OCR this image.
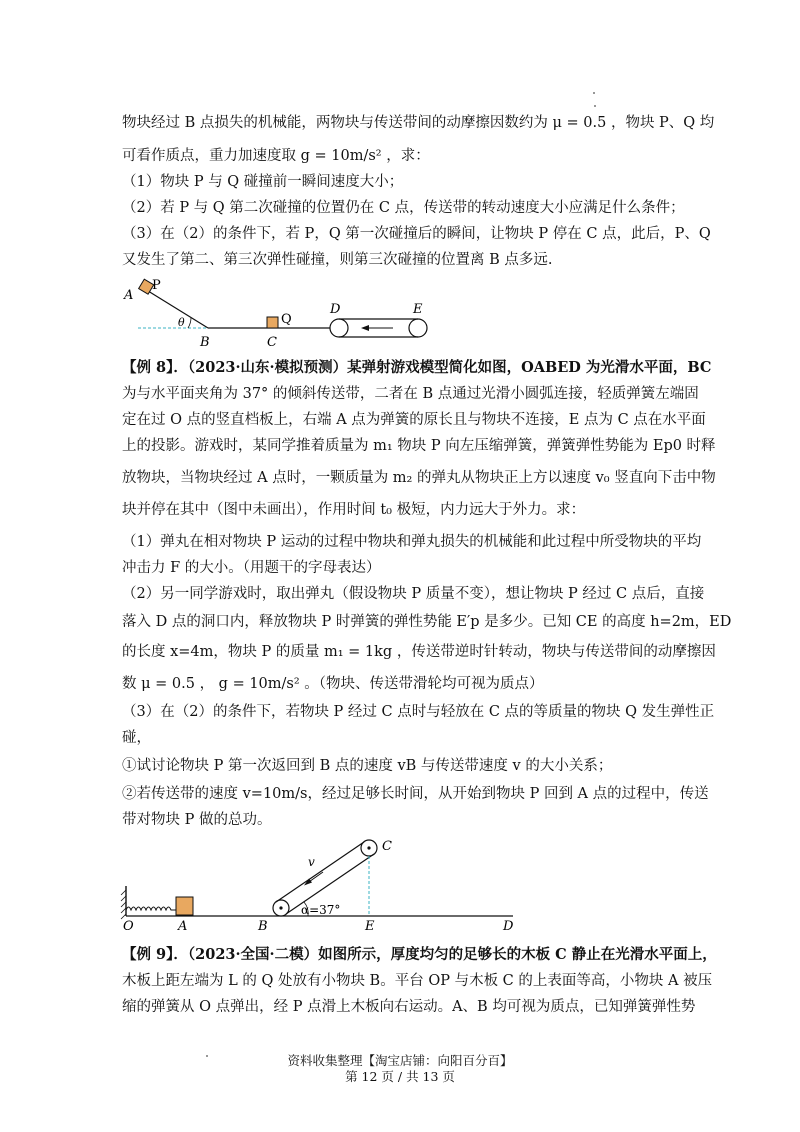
物块经过 B 点损失的机械能，两物块与传送带间的动摩擦因数约为 μ = 0.5 ，物块 P、Q 均
可看作质点，重力加速度取 g = 10m/s² ，求：
（1）物块 P 与 Q 碰撞前一瞬间速度大小；
（2）若 P 与 Q 第二次碰撞的位置仍在 C 点，传送带的转动速度大小应满足什么条件；
（3）在（2）的条件下，若 P，Q 第一次碰撞后的瞬间，让物块 P 停在 C 点，此后，P、Q
又发生了第二、第三次弹性碰撞，则第三次碰撞的位置离 B 点多远.
A
P
θ
B	C
Q
D	E
【例 8】．（2023·山东·模拟预测）某弹射游戏模型简化如图，OABED 为光滑水平面，BC
为与水平面夹角为 37° 的倾斜传送带，二者在 B 点通过光滑小圆弧连接，轻质弹簧左端固
定在过 O 点的竖直档板上，右端 A 点为弹簧的原长且与物块不连接，E 点为 C 点在水平面
上的投影。游戏时，某同学推着质量为 m₁ 物块 P 向左压缩弹簧，弹簧弹性势能为 Ep0 时释
放物块，当物块经过 A 点时，一颗质量为 m₂ 的弹丸从物块正上方以速度 v₀ 竖直向下击中物
块并停在其中（图中未画出），作用时间 t₀ 极短，内力远大于外力。求：
（1）弹丸在相对物块 P 运动的过程中物块和弹丸损失的机械能和此过程中所受物块的平均
冲击力 F 的大小。（用题干的字母表达）
（2）另一同学游戏时，取出弹丸（假设物块 P 质量不变），想让物块 P 经过 C 点后，直接
落入 D 点的洞口内，释放物块 P 时弹簧的弹性势能 E′p 是多少。已知 CE 的高度 h=2m，ED
的长度 x=4m，物块 P 的质量 m₁ = 1kg ，传送带逆时针转动，物块与传送带间的动摩擦因
数 μ = 0.5 ， g = 10m/s² 。（物块、传送带滑轮均可视为质点）
（3）在（2）的条件下，若物块 P 经过 C 点时与轻放在 C 点的等质量的物块 Q 发生弹性正
碰，
①试讨论物块 P 第一次返回到 B 点的速度 vB 与传送带速度 v 的大小关系；
②若传送带的速度 v=10m/s，经过足够长时间，从开始到物块 P 回到 A 点的过程中，传送
带对物块 P 做的总功。
v
C
O	A	B
α=37°
E	D
【例 9】．（2023·全国·二模）如图所示，厚度均匀的足够长的木板 C 静止在光滑水平面上，
木板上距左端为 L 的 Q 处放有小物块 B。平台 OP 与木板 C 的上表面等高，小物块 A 被压
缩的弹簧从 O 点弹出，经 P 点滑上木板向右运动。A、B 均可视为质点，已知弹簧弹性势
资料收集整理【淘宝店铺：向阳百分百】
第 12 页 / 共 13 页
